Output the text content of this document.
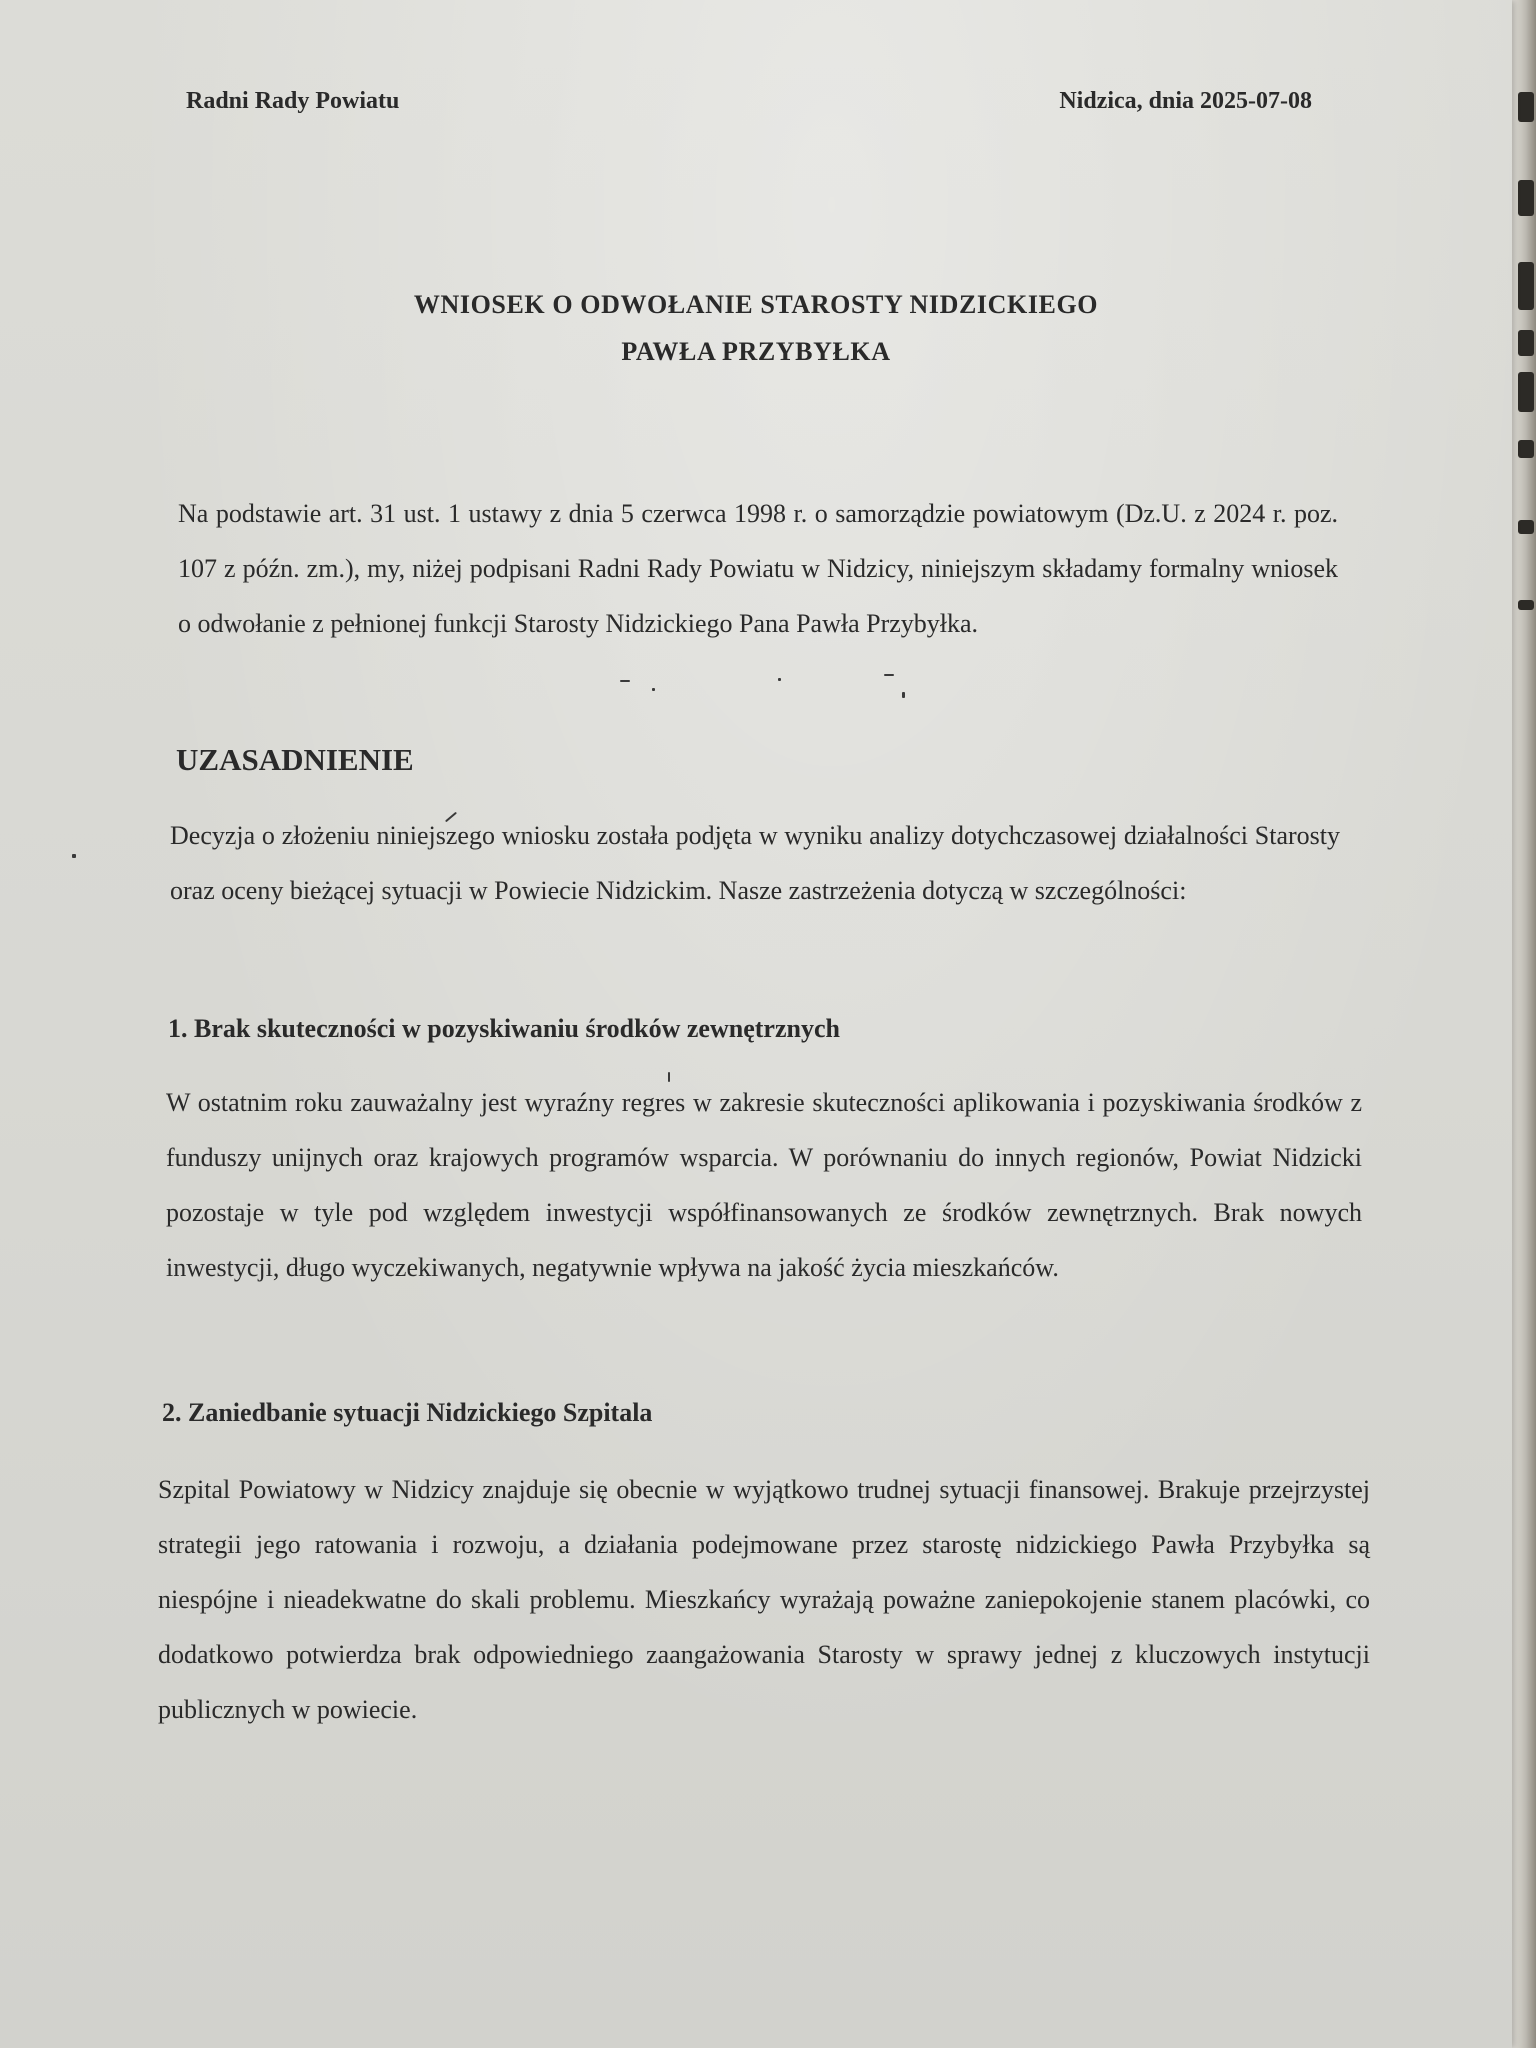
Radni Rady Powiatu	Nidzica, dnia 2025-07-08

WNIOSEK O ODWOŁANIE STAROSTY NIDZICKIEGO

PAWŁA PRZYBYŁKA

Na podstawie art. 31 ust. 1 ustawy z dnia 5 czerwca 1998 r. o samorządzie powiatowym (Dz.U. z 2024 r. poz. 107 z późn. zm.), my, niżej podpisani Radni Rady Powiatu w Nidzicy, niniejszym składamy formalny wniosek o odwołanie z pełnionej funkcji Starosty Nidzickiego Pana Pawła Przybyłka.

UZASADNIENIE

Decyzja o złożeniu niniejszego wniosku została podjęta w wyniku analizy dotychczasowej działalności Starosty oraz oceny bieżącej sytuacji w Powiecie Nidzickim. Nasze zastrzeżenia dotyczą w szczególności:

1. Brak skuteczności w pozyskiwaniu środków zewnętrznych

W ostatnim roku zauważalny jest wyraźny regres w zakresie skuteczności aplikowania i pozyskiwania środków z funduszy unijnych oraz krajowych programów wsparcia. W porównaniu do innych regionów, Powiat Nidzicki pozostaje w tyle pod względem inwestycji współfinansowanych ze środków zewnętrznych. Brak nowych inwestycji, długo wyczekiwanych, negatywnie wpływa na jakość życia mieszkańców.

2. Zaniedbanie sytuacji Nidzickiego Szpitala

Szpital Powiatowy w Nidzicy znajduje się obecnie w wyjątkowo trudnej sytuacji finansowej. Brakuje przejrzystej strategii jego ratowania i rozwoju, a działania podejmowane przez starostę nidzickiego Pawła Przybyłka są niespójne i nieadekwatne do skali problemu. Mieszkańcy wyrażają poważne zaniepokojenie stanem placówki, co dodatkowo potwierdza brak odpowiedniego zaangażowania Starosty w sprawy jednej z kluczowych instytucji publicznych w powiecie.
